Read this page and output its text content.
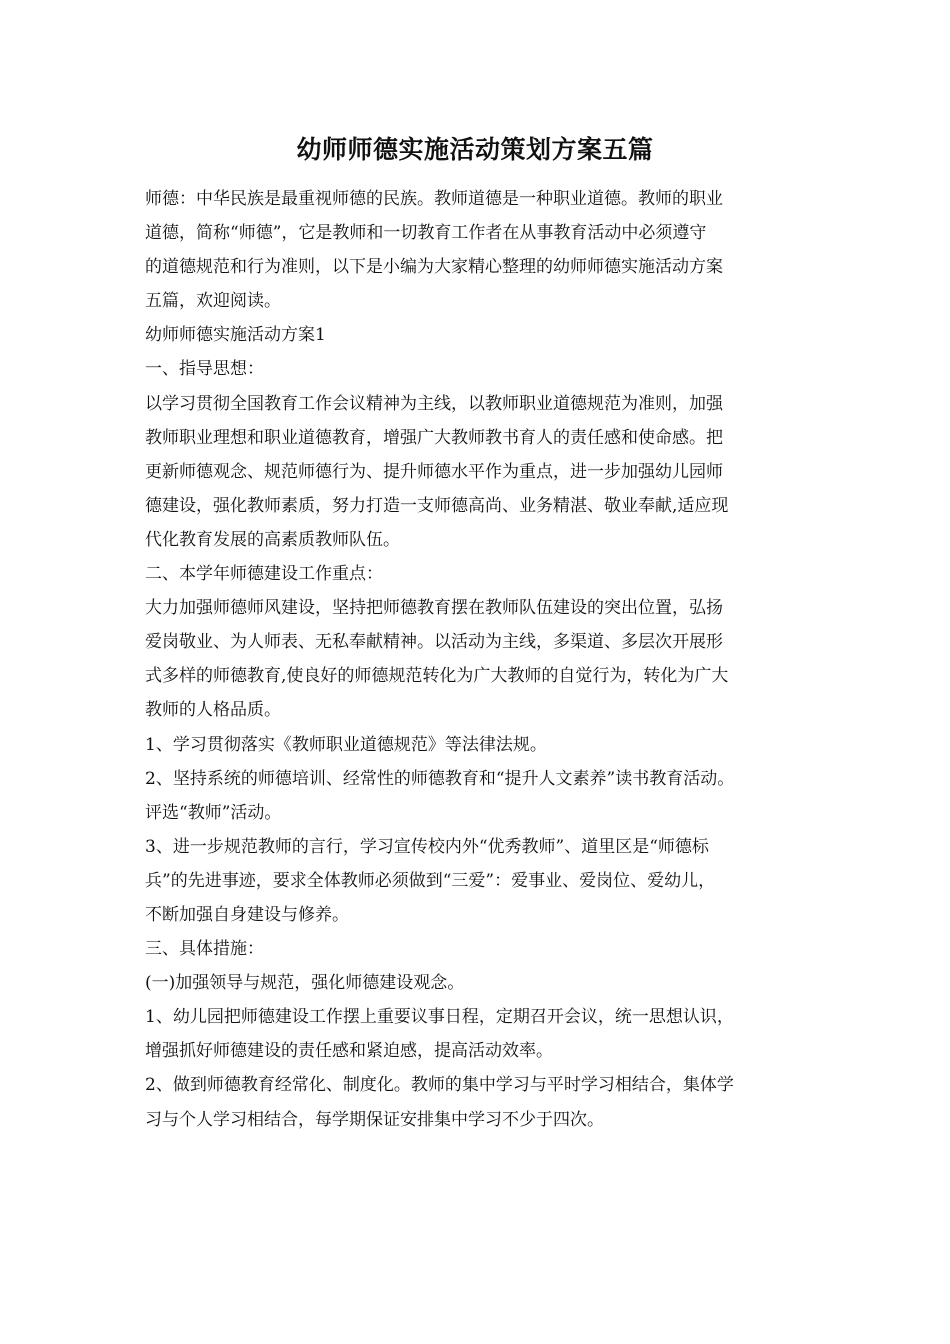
幼师师德实施活动策划方案五篇
师德：中华民族是最重视师德的民族。教师道德是一种职业道德。教师的职业
道德，简称“师德”，它是教师和一切教育工作者在从事教育活动中必须遵守
的道德规范和行为准则，以下是小编为大家精心整理的幼师师德实施活动方案
五篇，欢迎阅读。
幼师师德实施活动方案1
一、指导思想：
以学习贯彻全国教育工作会议精神为主线，以教师职业道德规范为准则，加强
教师职业理想和职业道德教育，增强广大教师教书育人的责任感和使命感。把
更新师德观念、规范师德行为、提升师德水平作为重点，进一步加强幼儿园师
德建设，强化教师素质，努力打造一支师德高尚、业务精湛、敬业奉献,适应现
代化教育发展的高素质教师队伍。
二、本学年师德建设工作重点：
大力加强师德师风建设，坚持把师德教育摆在教师队伍建设的突出位置，弘扬
爱岗敬业、为人师表、无私奉献精神。以活动为主线，多渠道、多层次开展形
式多样的师德教育,使良好的师德规范转化为广大教师的自觉行为，转化为广大
教师的人格品质。
1、学习贯彻落实《教师职业道德规范》等法律法规。
2、坚持系统的师德培训、经常性的师德教育和“提升人文素养”读书教育活动。
评选“教师”活动。
3、进一步规范教师的言行，学习宣传校内外“优秀教师”、道里区是“师德标
兵”的先进事迹，要求全体教师必须做到“三爱”：爱事业、爱岗位、爱幼儿，
不断加强自身建设与修养。
三、具体措施：
(一)加强领导与规范，强化师德建设观念。
1、幼儿园把师德建设工作摆上重要议事日程，定期召开会议，统一思想认识，
增强抓好师德建设的责任感和紧迫感，提高活动效率。
2、做到师德教育经常化、制度化。教师的集中学习与平时学习相结合，集体学
习与个人学习相结合，每学期保证安排集中学习不少于四次。
